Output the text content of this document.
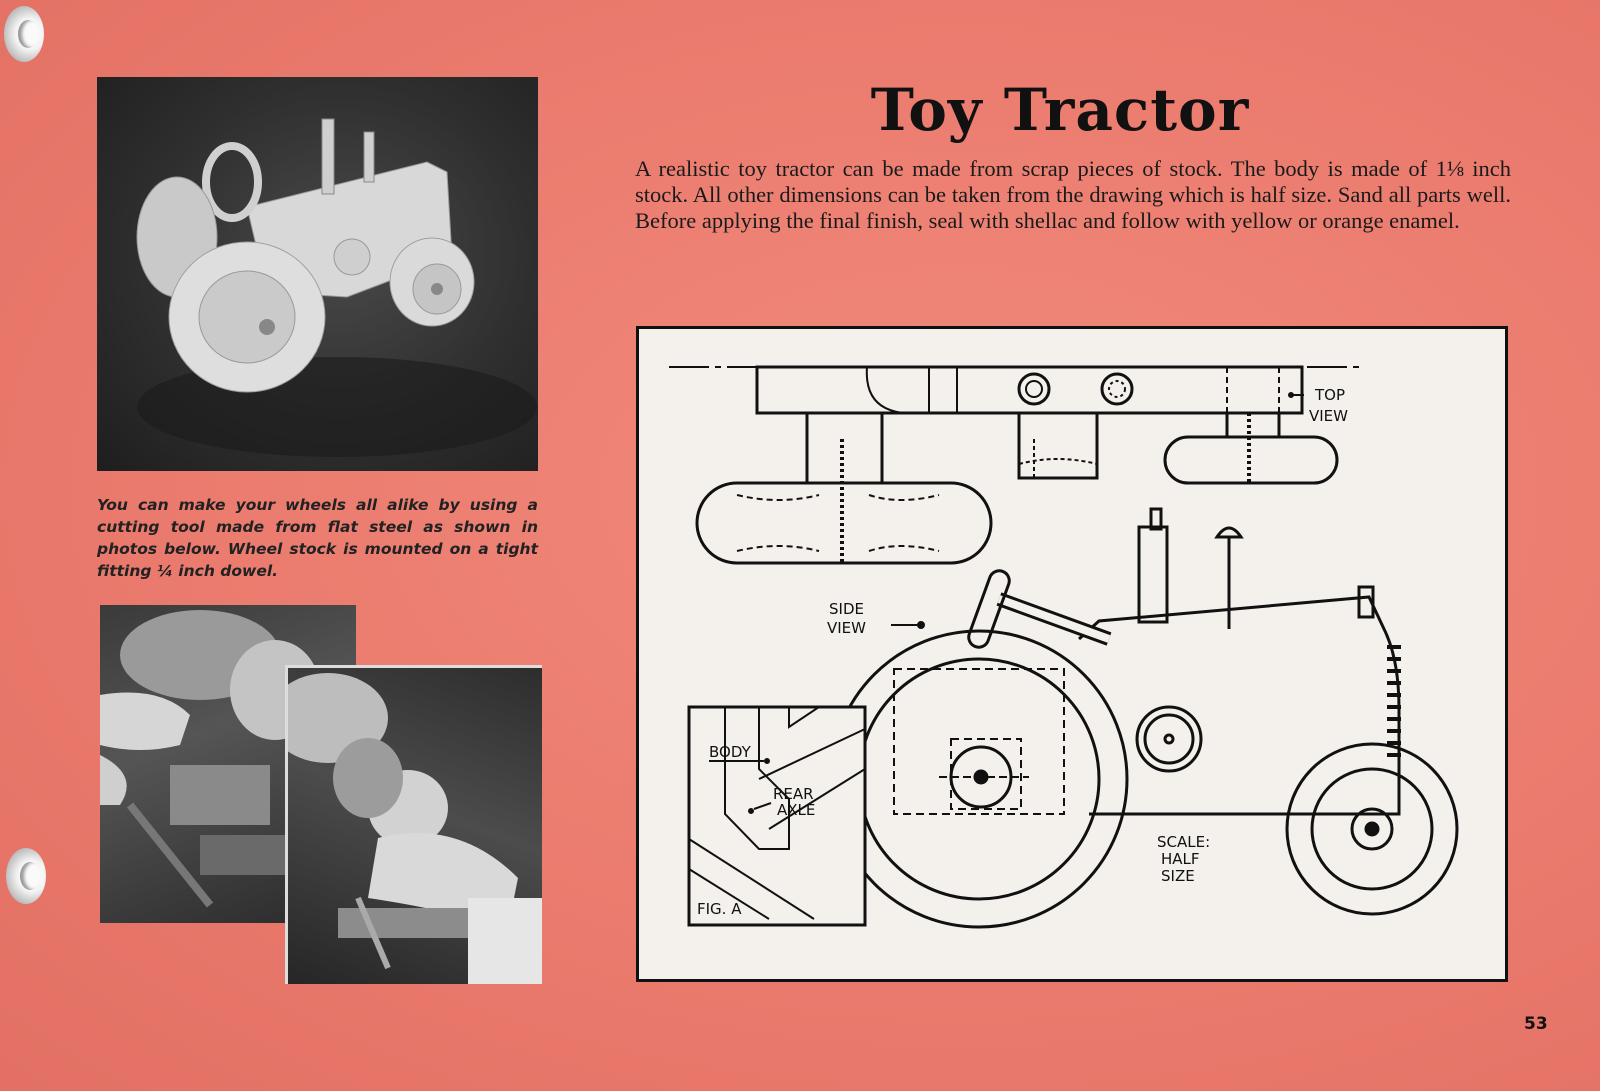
You can make your wheels all alike by using a cutting tool made from flat steel as shown in photos below. Wheel stock is mounted on a tight fitting ¼ inch dowel.
Toy Tractor
A realistic toy tractor can be made from scrap pieces of stock. The body is made of 1⅛ inch stock. All other dimensions can be taken from the drawing which is half size. Sand all parts well. Before applying the final finish, seal with shellac and follow with yellow or orange enamel.
TOP
VIEW
SIDE
VIEW
BODY
REAR
AXLE
FIG. A
SCALE:
HALF
SIZE
53
